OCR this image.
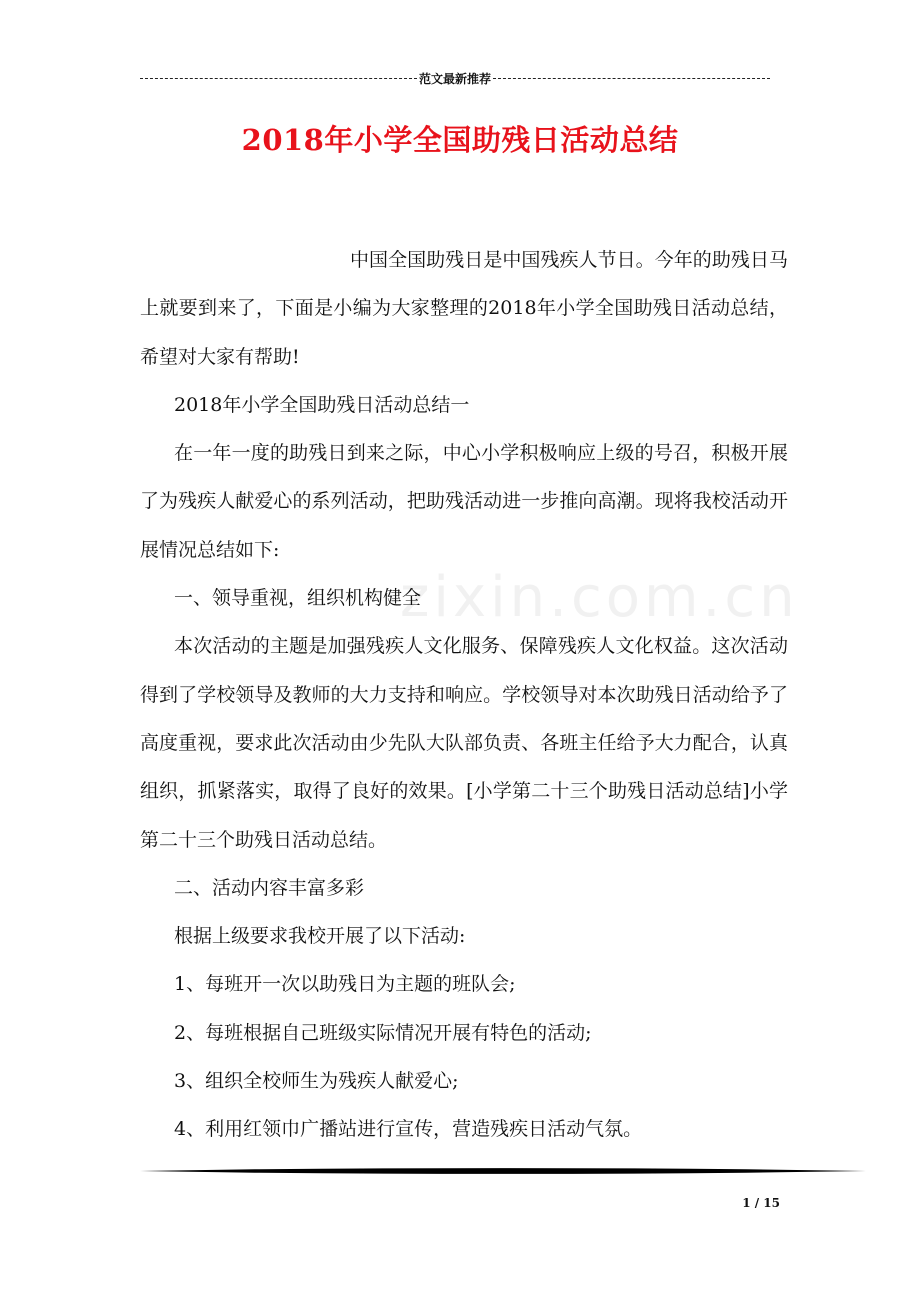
范文最新推荐
2018年小学全国助残日活动总结
zixin.com.cn

中国全国助残日是中国残疾人节日。今年的助残日马上就要到来了，下面是小编为大家整理的2018年小学全国助残日活动总结，希望对大家有帮助!

2018年小学全国助残日活动总结一

在一年一度的助残日到来之际，中心小学积极响应上级的号召，积极开展了为残疾人献爱心的系列活动，把助残活动进一步推向高潮。现将我校活动开展情况总结如下:

一、领导重视，组织机构健全

本次活动的主题是加强残疾人文化服务、保障残疾人文化权益。这次活动得到了学校领导及教师的大力支持和响应。学校领导对本次助残日活动给予了高度重视，要求此次活动由少先队大队部负责、各班主任给予大力配合，认真组织，抓紧落实，取得了良好的效果。[小学第二十三个助残日活动总结]小学第二十三个助残日活动总结。

二、活动内容丰富多彩

根据上级要求我校开展了以下活动:

1、每班开一次以助残日为主题的班队会;

2、每班根据自己班级实际情况开展有特色的活动;

3、组织全校师生为残疾人献爱心;

4、利用红领巾广播站进行宣传，营造残疾日活动气氛。

1 / 15
